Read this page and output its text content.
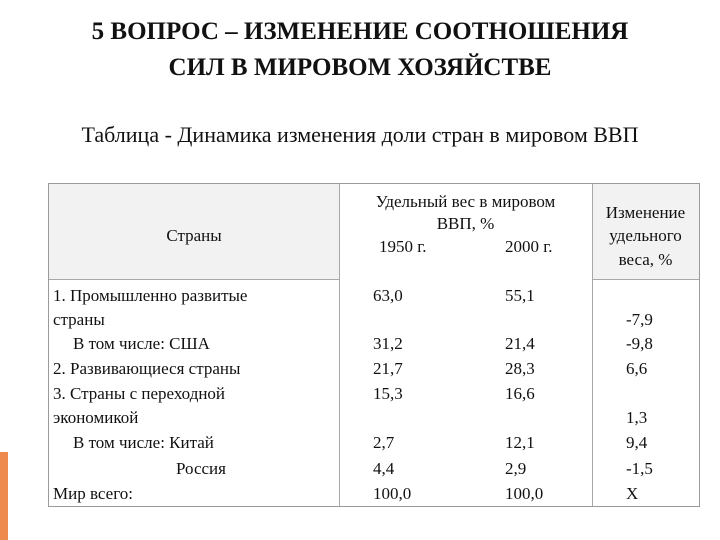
5 ВОПРОС – ИЗМЕНЕНИЕ СООТНОШЕНИЯ
СИЛ В МИРОВОМ ХОЗЯЙСТВЕ
Таблица - Динамика изменения доли стран в мировом ВВП
Страны
Удельный вес в мировом
ВВП, %
1950 г.	2000 г.
Изменение
удельного
веса, %
1. Промышленно развитые
страны
В том числе: США
2. Развивающиеся страны
3. Страны с переходной
экономикой
В том числе: Китай
Россия
Мир всего:
63,0
31,2
21,7
15,3
2,7
4,4
100,0
55,1
21,4
28,3
16,6
12,1
2,9
100,0
-7,9
-9,8
6,6
1,3
9,4
-1,5
Х
